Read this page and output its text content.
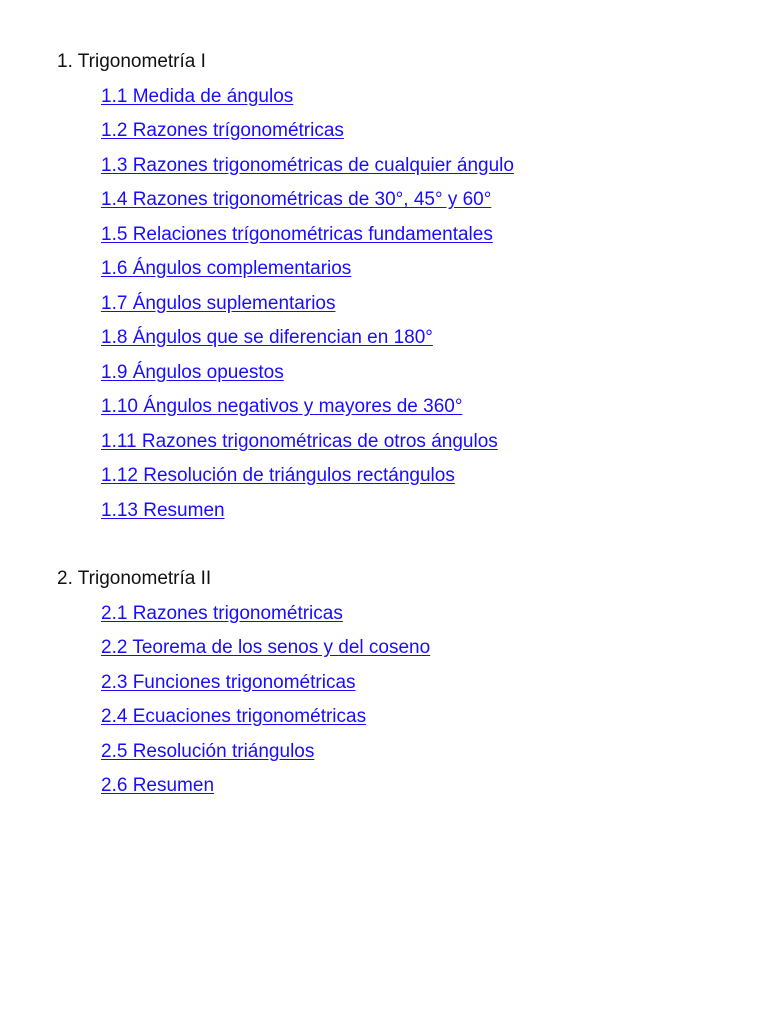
1. Trigonometría I
1.1 Medida de ángulos
1.2 Razones trígonométricas
1.3 Razones trigonométricas de cualquier ángulo
1.4 Razones trigonométricas de 30°, 45° y 60°
1.5 Relaciones trígonométricas fundamentales
1.6 Ángulos complementarios
1.7 Ángulos suplementarios
1.8 Ángulos que se diferencian en 180°
1.9 Ángulos opuestos
1.10 Ángulos negativos y mayores de 360°
1.11 Razones trigonométricas de otros ángulos
1.12 Resolución de triángulos rectángulos
1.13 Resumen
2. Trigonometría II
2.1 Razones trigonométricas
2.2 Teorema de los senos y del coseno
2.3 Funciones trigonométricas
2.4 Ecuaciones trigonométricas
2.5 Resolución triángulos
2.6 Resumen
